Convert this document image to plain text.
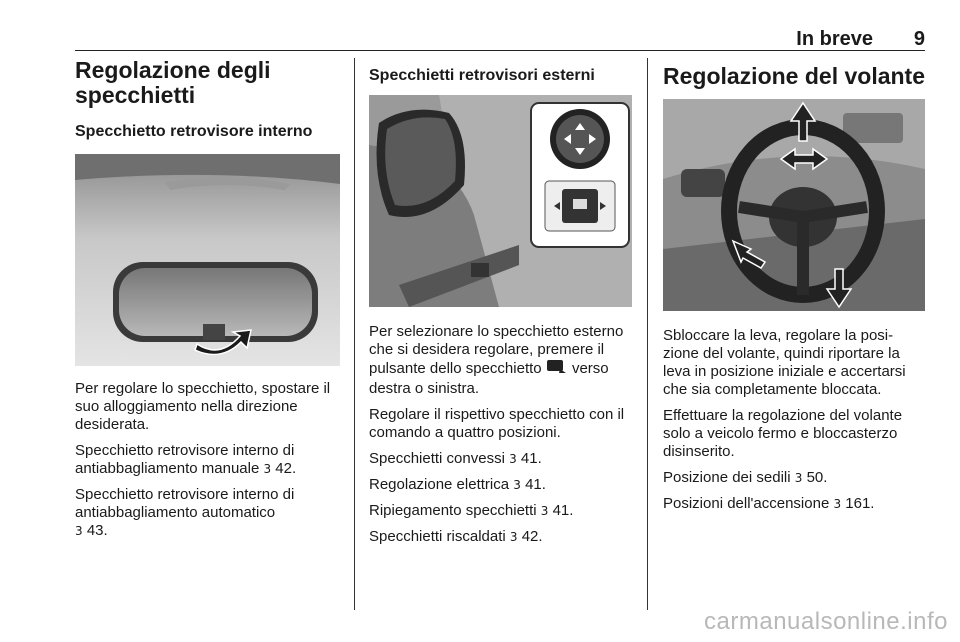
In breve 9
Regolazione degli specchietti
Specchietto retrovisore interno

Per regolare lo specchietto, spostare il suo alloggiamento nella direzione desiderata.

Specchietto retrovisore interno di antiabbagliamento manuale 3 42.

Specchietto retrovisore interno di antiabbagliamento automatico
3 43.

Specchietti retrovisori esterni

Per selezionare lo specchietto esterno che si desidera regolare, premere il pulsante dello specchietto verso destra o sinistra.

Regolare il rispettivo specchietto con il comando a quattro posizioni.

Specchietti convessi 3 41.

Regolazione elettrica 3 41.

Ripiegamento specchietti 3 41.

Specchietti riscaldati 3 42.

Regolazione del volante

Sbloccare la leva, regolare la posi- zione del volante, quindi riportare la leva in posizione iniziale e accertarsi che sia completamente bloccata.

Effettuare la regolazione del volante solo a veicolo fermo e bloccasterzo disinserito.

Posizione dei sedili 3 50.

Posizioni dell'accensione 3 161.

carmanualsonline.info
